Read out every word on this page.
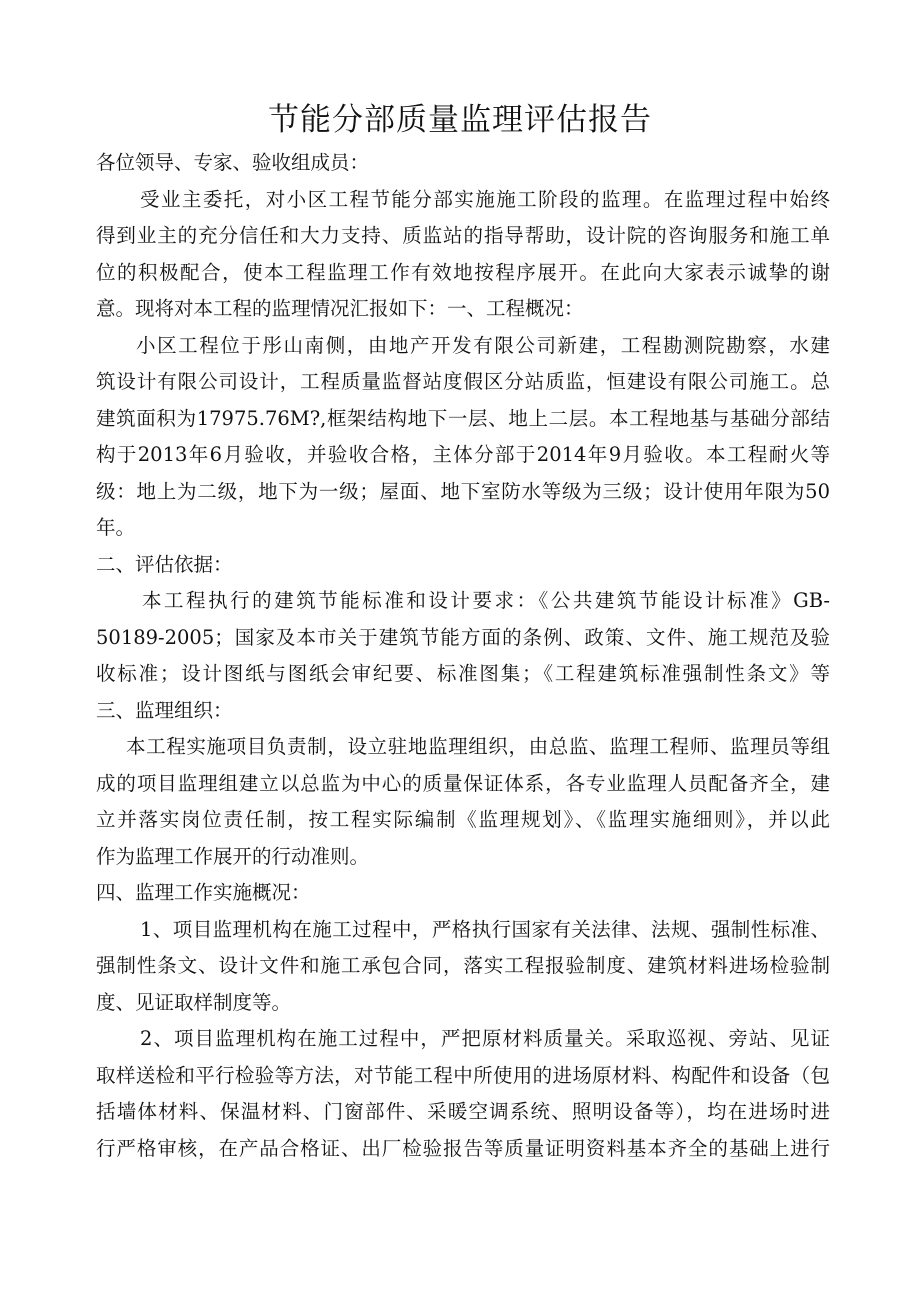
节能分部质量监理评估报告
各位领导、专家、验收组成员：
受业主委托，对小区工程节能分部实施施工阶段的监理。在监理过程中始终
得到业主的充分信任和大力支持、质监站的指导帮助，设计院的咨询服务和施工单
位的积极配合，使本工程监理工作有效地按程序展开。在此向大家表示诚挚的谢
意。现将对本工程的监理情况汇报如下：一、工程概况：
小区工程位于彤山南侧，由地产开发有限公司新建，工程勘测院勘察，水建
筑设计有限公司设计，工程质量监督站度假区分站质监，恒建设有限公司施工。总
建筑面积为17975.76M?,框架结构地下一层、地上二层。本工程地基与基础分部结
构于2013年6月验收，并验收合格，主体分部于2014年9月验收。本工程耐火等
级：地上为二级，地下为一级；屋面、地下室防水等级为三级；设计使用年限为50
年。
二、评估依据：
本工程执行的建筑节能标准和设计要求：《公共建筑节能设计标准》GB-
50189-2005；国家及本市关于建筑节能方面的条例、政策、文件、施工规范及验
收标准；设计图纸与图纸会审纪要、标准图集；《工程建筑标准强制性条文》等
三、监理组织：
本工程实施项目负责制，设立驻地监理组织，由总监、监理工程师、监理员等组
成的项目监理组建立以总监为中心的质量保证体系，各专业监理人员配备齐全，建
立并落实岗位责任制，按工程实际编制《监理规划》、《监理实施细则》，并以此
作为监理工作展开的行动准则。
四、监理工作实施概况：
1、项目监理机构在施工过程中，严格执行国家有关法律、法规、强制性标准、
强制性条文、设计文件和施工承包合同，落实工程报验制度、建筑材料进场检验制
度、见证取样制度等。
2、项目监理机构在施工过程中，严把原材料质量关。采取巡视、旁站、见证
取样送检和平行检验等方法，对节能工程中所使用的进场原材料、构配件和设备（包
括墙体材料、保温材料、门窗部件、采暖空调系统、照明设备等），均在进场时进
行严格审核，在产品合格证、出厂检验报告等质量证明资料基本齐全的基础上进行
